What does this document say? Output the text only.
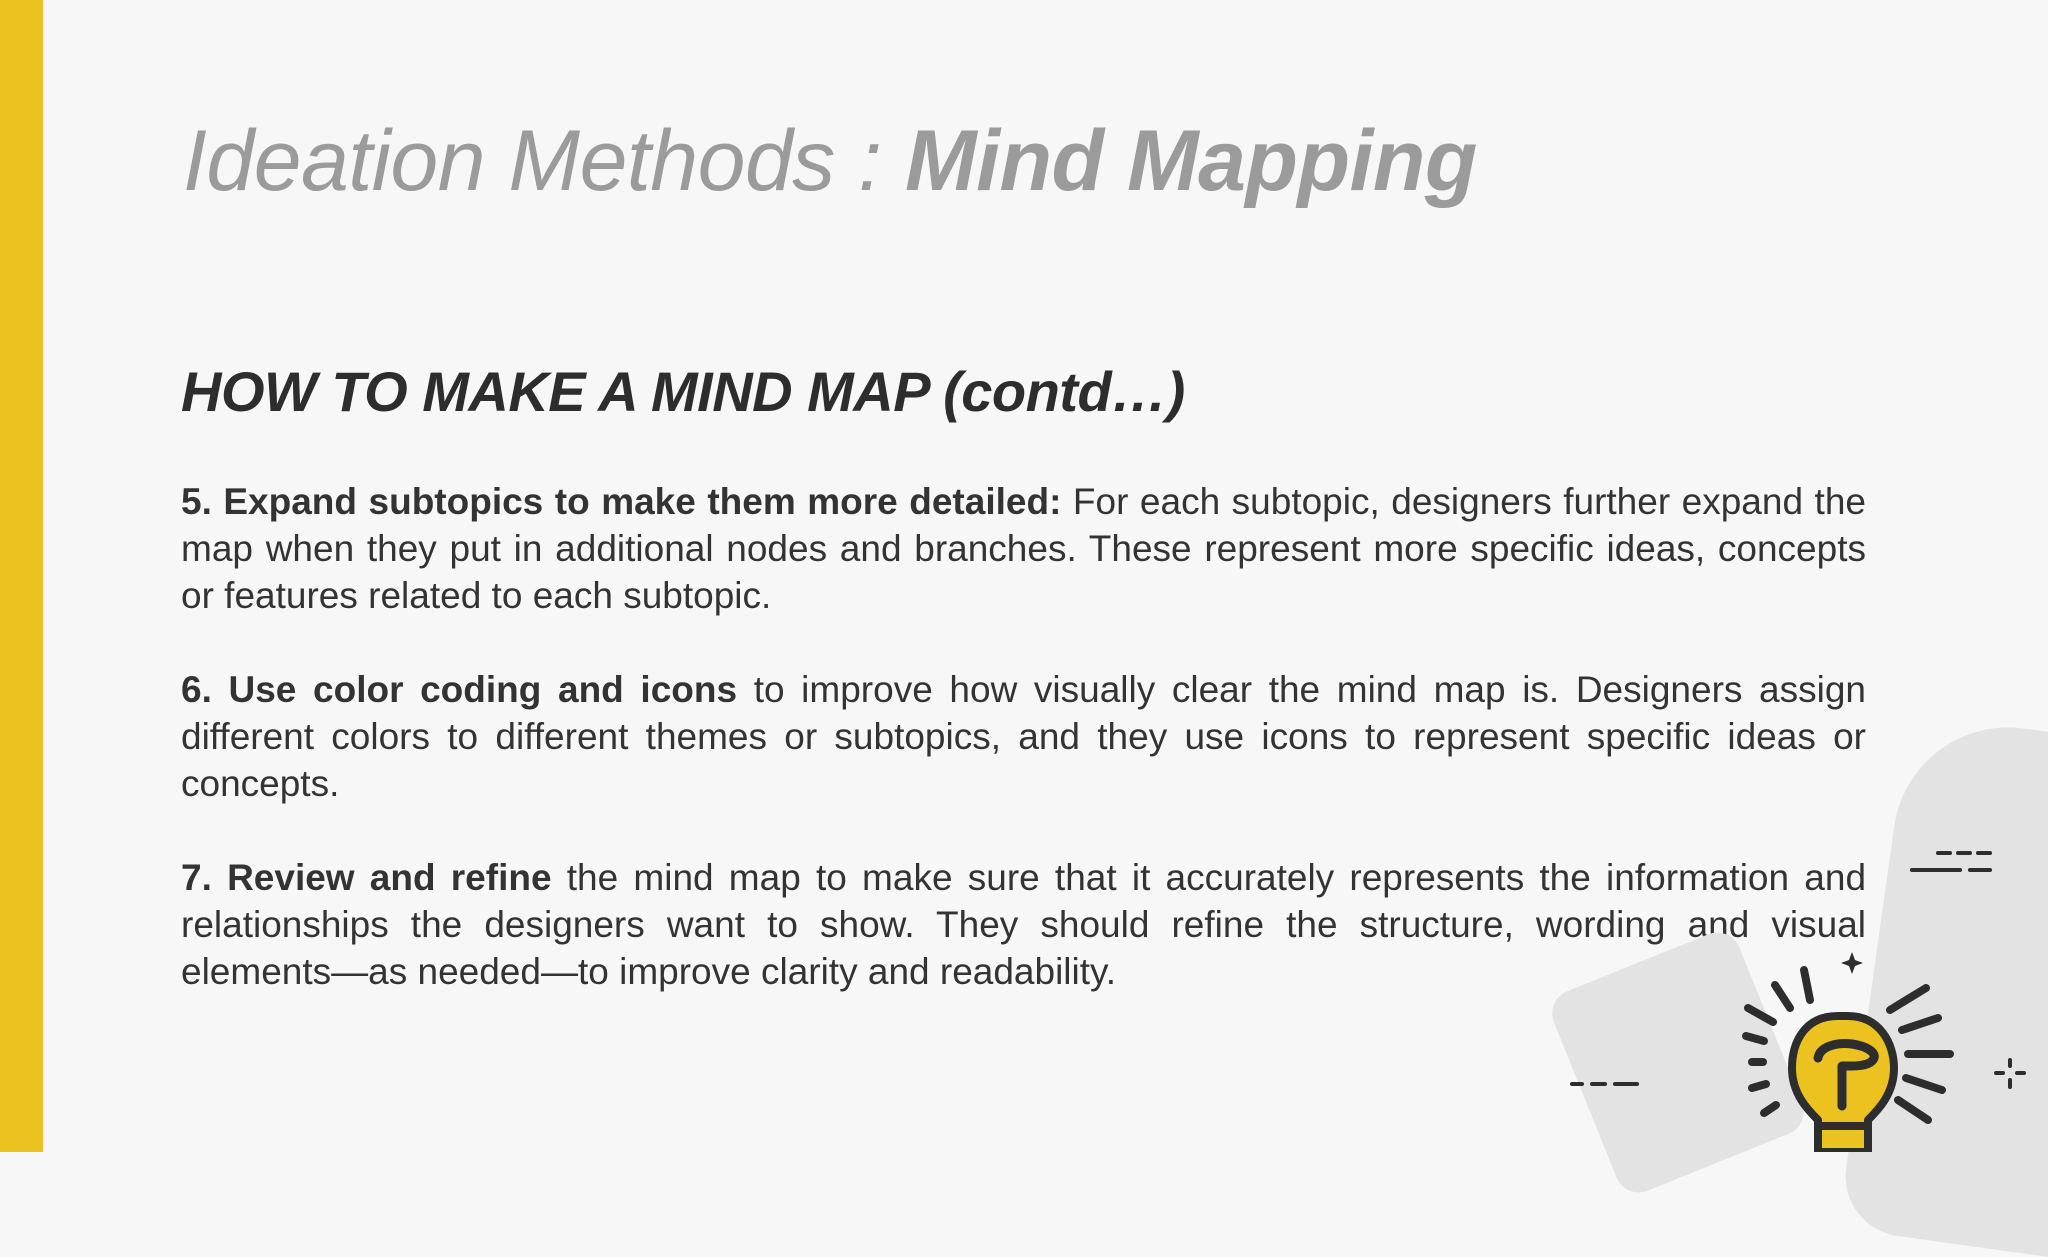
Ideation Methods : Mind Mapping
HOW TO MAKE A MIND MAP (contd…)

5. Expand subtopics to make them more detailed: For each subtopic, designers further expand the map when they put in additional nodes and branches. These represent more specific ideas, concepts or features related to each subtopic.

6. Use color coding and icons to improve how visually clear the mind map is. Designers assign different colors to different themes or subtopics, and they use icons to represent specific ideas or concepts.

7. Review and refine the mind map to make sure that it accurately represents the information and relationships the designers want to show. They should refine the structure, wording and visual elements—as needed—to improve clarity and readability.
